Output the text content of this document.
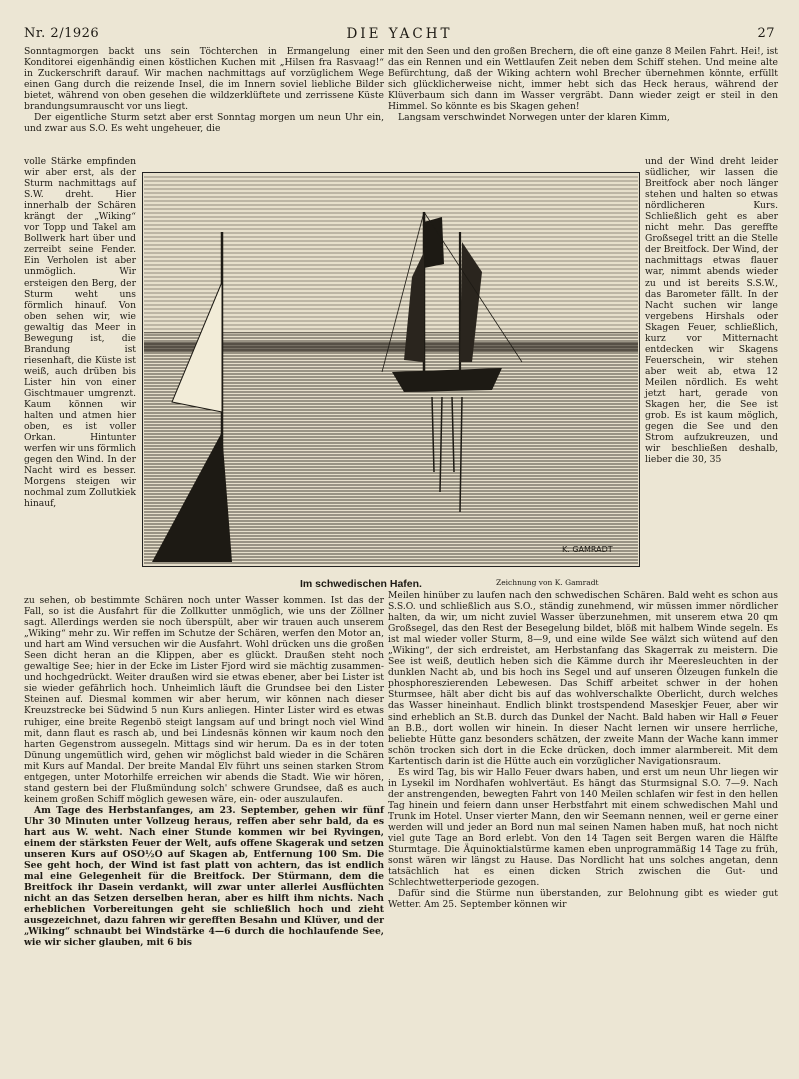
Nr. 2/1926	DIE YACHT	27

Sonntagmorgen backt uns sein Töchterchen in Ermangelung einer Konditorei eigenhändig einen köstlichen Kuchen mit „Hilsen fra Rasvaag!“ in Zuckerschrift darauf. Wir machen nachmittags auf vorzüglichem Wege einen Gang durch die reizende Insel, die im Innern soviel liebliche Bilder bietet, während von oben gesehen die wildzerklüftete und zerrissene Küste brandungsumrauscht vor uns liegt.

Der eigentliche Sturm setzt aber erst Sonntag morgen um neun Uhr ein, und zwar aus S.O. Es weht ungeheuer, die

volle Stärke empfinden wir aber erst, als der Sturm nachmittags auf S.W. dreht. Hier innerhalb der Schären krängt der „Wiking“ vor Topp und Takel am Bollwerk hart über und zerreibt seine Fender. Ein Verholen ist aber unmöglich. Wir ersteigen den Berg, der Sturm weht uns förmlich hinauf. Von oben sehen wir, wie gewaltig das Meer in Bewegung ist, die Brandung ist riesenhaft, die Küste ist weiß, auch drüben bis Lister hin von einer Gischtmauer umgrenzt. Kaum können wir halten und atmen hier oben, es ist voller Orkan. Hintunter werfen wir uns förmlich gegen den Wind. In der Nacht wird es besser. Morgens steigen wir nochmal zum Zollutkiek hinauf,

K. GAMRADT
Im schwedischen Hafen.	Zeichnung von K. Gamradt

zu sehen, ob bestimmte Schären noch unter Wasser kommen. Ist das der Fall, so ist die Ausfahrt für die Zollkutter unmöglich, wie uns der Zöllner sagt. Allerdings werden sie noch überspült, aber wir trauen auch unserem „Wiking“ mehr zu. Wir reffen im Schutze der Schären, werfen den Motor an, und hart am Wind versuchen wir die Ausfahrt. Wohl drücken uns die großen Seen dicht heran an die Klippen, aber es glückt. Draußen steht noch gewaltige See; hier in der Ecke im Lister Fjord wird sie mächtig zusammen- und hochgedrückt. Weiter draußen wird sie etwas ebener, aber bei Lister ist sie wieder gefährlich hoch. Unheimlich läuft die Grundsee bei den Lister Steinen auf. Diesmal kommen wir aber herum, wir können nach dieser Kreuzstrecke bei Südwind 5 nun Kurs anliegen. Hinter Lister wird es etwas ruhiger, eine breite Regenbö steigt langsam auf und bringt noch viel Wind mit, dann flaut es rasch ab, und bei Lindesnäs können wir kaum noch den harten Gegenstrom aussegeln. Mittags sind wir herum. Da es in der toten Dünung ungemütlich wird, gehen wir möglichst bald wieder in die Schären mit Kurs auf Mandal. Der breite Mandal Elv führt uns seinen starken Strom entgegen, unter Motorhilfe erreichen wir abends die Stadt. Wie wir hören, stand gestern bei der Flußmündung solch' schwere Grundsee, daß es auch keinem großen Schiff möglich gewesen wäre, ein- oder auszulaufen.

Am Tage des Herbstanfanges, am 23. September, gehen wir fünf Uhr 30 Minuten unter Vollzeug heraus, reffen aber sehr bald, da es hart aus W. weht. Nach einer Stunde kommen wir bei Ryvingen, einem der stärksten Feuer der Welt, aufs offene Skagerak und setzen unseren Kurs auf OSO½O auf Skagen ab, Entfernung 100 Sm. Die See geht hoch, der Wind ist fast platt von achtern, das ist endlich mal eine Gelegenheit für die Breitfock. Der Stürmann, dem die Breitfock ihr Dasein verdankt, will zwar unter allerlei Ausflüchten nicht an das Setzen derselben heran, aber es hilft ihm nichts. Nach erheblichen Vorbereitungen geht sie schließlich hoch und zieht ausgezeichnet, dazu fahren wir gerefften Besahn und Klüver, und der „Wiking“ schnaubt bei Windstärke 4—6 durch die hochlaufende See, wie wir sicher glauben, mit 6 bis

mit den Seen und den großen Brechern, die oft eine ganze 8 Meilen Fahrt. Hei!, ist das ein Rennen und ein Wettlaufen Zeit neben dem Schiff stehen. Und meine alte Befürchtung, daß der Wiking achtern wohl Brecher übernehmen könnte, erfüllt sich glücklicherweise nicht, immer hebt sich das Heck heraus, während der Klüverbaum sich dann im Wasser vergräbt. Dann wieder zeigt er steil in den Himmel. So könnte es bis Skagen gehen!

Langsam verschwindet Norwegen unter der klaren Kimm,

und der Wind dreht leider südlicher, wir lassen die Breitfock aber noch länger stehen und halten so etwas nördlicheren Kurs. Schließlich geht es aber nicht mehr. Das gereffte Großsegel tritt an die Stelle der Breitfock. Der Wind, der nachmittags etwas flauer war, nimmt abends wieder zu und ist bereits S.S.W., das Barometer fällt. In der Nacht suchen wir lange vergebens Hirshals oder Skagen Feuer, schließlich, kurz vor Mitternacht entdecken wir Skagens Feuerschein, wir stehen aber weit ab, etwa 12 Meilen nördlich. Es weht jetzt hart, gerade von Skagen her, die See ist grob. Es ist kaum möglich, gegen die See und den Strom aufzukreuzen, und wir beschließen deshalb, lieber die 30, 35

Meilen hinüber zu laufen nach den schwedischen Schären. Bald weht es schon aus S.S.O. und schließlich aus S.O., ständig zunehmend, wir müssen immer nördlicher halten, da wir, um nicht zuviel Wasser überzunehmen, mit unserem etwa 20 qm Großsegel, das den Rest der Besegelung bildet, blöß mit halbem Winde segeln. Es ist mal wieder voller Sturm, 8—9, und eine wilde See wälzt sich wütend auf den „Wiking“, der sich erdreistet, am Herbstanfang das Skagerrak zu meistern. Die See ist weiß, deutlich heben sich die Kämme durch ihr Meeresleuchten in der dunklen Nacht ab, und bis hoch ins Segel und auf unseren Ölzeugen funkeln die phosphoreszierenden Lebewesen. Das Schiff arbeitet schwer in der hohen Sturmsee, hält aber dicht bis auf das wohlverschalkte Oberlicht, durch welches das Wasser hineinhaut. Endlich blinkt trostspendend Maseskjer Feuer, aber wir sind erheblich an St.B. durch das Dunkel der Nacht. Bald haben wir Hall ø Feuer an B.B., dort wollen wir hinein. In dieser Nacht lernen wir unsere herrliche, beliebte Hütte ganz besonders schätzen, der zweite Mann der Wache kann immer schön trocken sich dort in die Ecke drücken, doch immer alarmbereit. Mit dem Kartentisch darin ist die Hütte auch ein vorzüglicher Navigationsraum.

Es wird Tag, bis wir Hallo Feuer dwars haben, und erst um neun Uhr liegen wir in Lysekil im Nordhafen wohlvertäut. Es hängt das Sturmsignal S.O. 7—9. Nach der anstrengenden, bewegten Fahrt von 140 Meilen schlafen wir fest in den hellen Tag hinein und feiern dann unser Herbstfahrt mit einem schwedischen Mahl und Trunk im Hotel. Unser vierter Mann, den wir Seemann nennen, weil er gerne einer werden will und jeder an Bord nun mal seinen Namen haben muß, hat noch nicht viel gute Tage an Bord erlebt. Von den 14 Tagen seit Bergen waren die Hälfte Sturmtage. Die Äquinoktialstürme kamen eben unprogrammäßig 14 Tage zu früh, sonst wären wir längst zu Hause. Das Nordlicht hat uns solches angetan, denn tatsächlich hat es einen dicken Strich zwischen die Gut- und Schlechtwetterperiode gezogen.

Dafür sind die Stürme nun überstanden, zur Belohnung gibt es wieder gut Wetter. Am 25. September können wir
